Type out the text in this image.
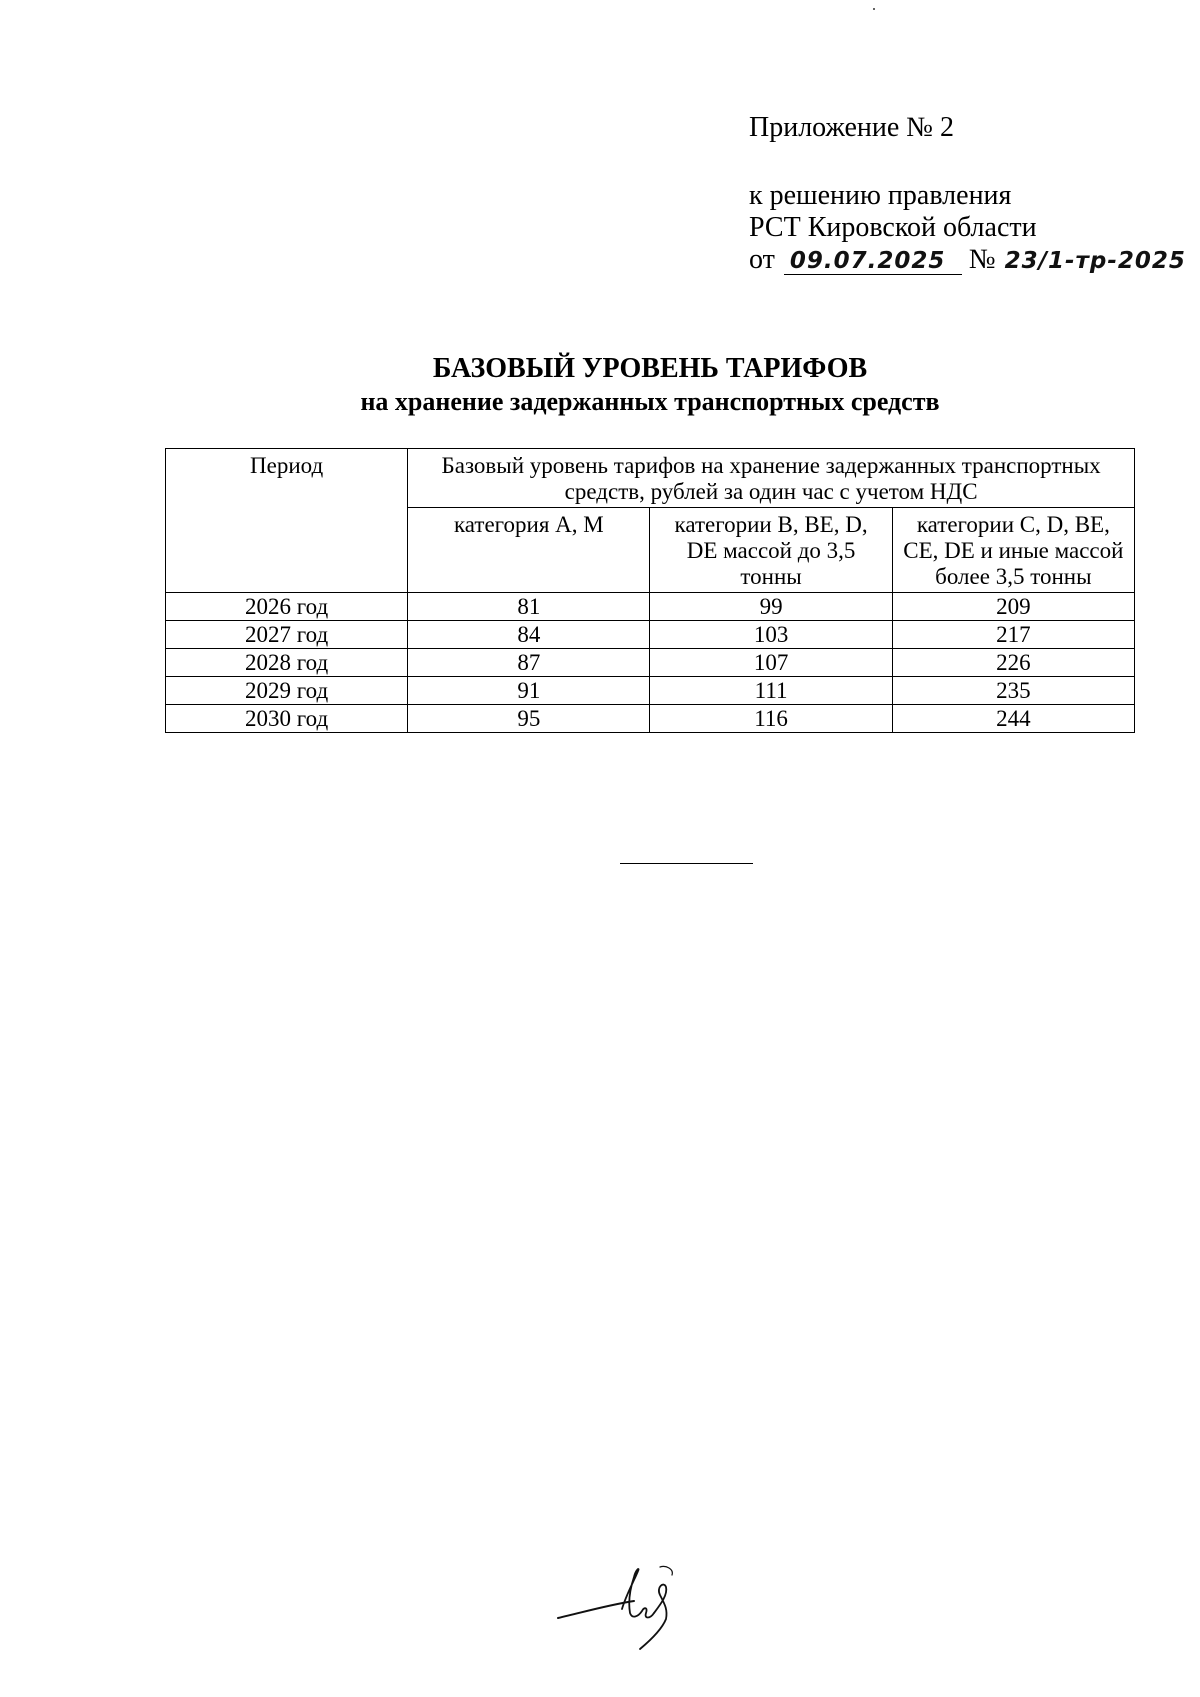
Приложение № 2
к решению правления
РСТ Кировской области
от 09.07.2025 № 23/1-тр-2025
БАЗОВЫЙ УРОВЕНЬ ТАРИФОВ
на хранение задержанных транспортных средств
Период	Базовый уровень тарифов на хранение задержанных транспортных средств, рублей за один час с учетом НДС		
	категория А, М	категории В, ВЕ, D, DE массой до 3,5 тонны	категории С, D, ВЕ, СЕ, DE и иные массой более 3,5 тонны
2026 год	81	99	209
2027 год	84	103	217
2028 год	87	107	226
2029 год	91	111	235
2030 год	95	116	244
